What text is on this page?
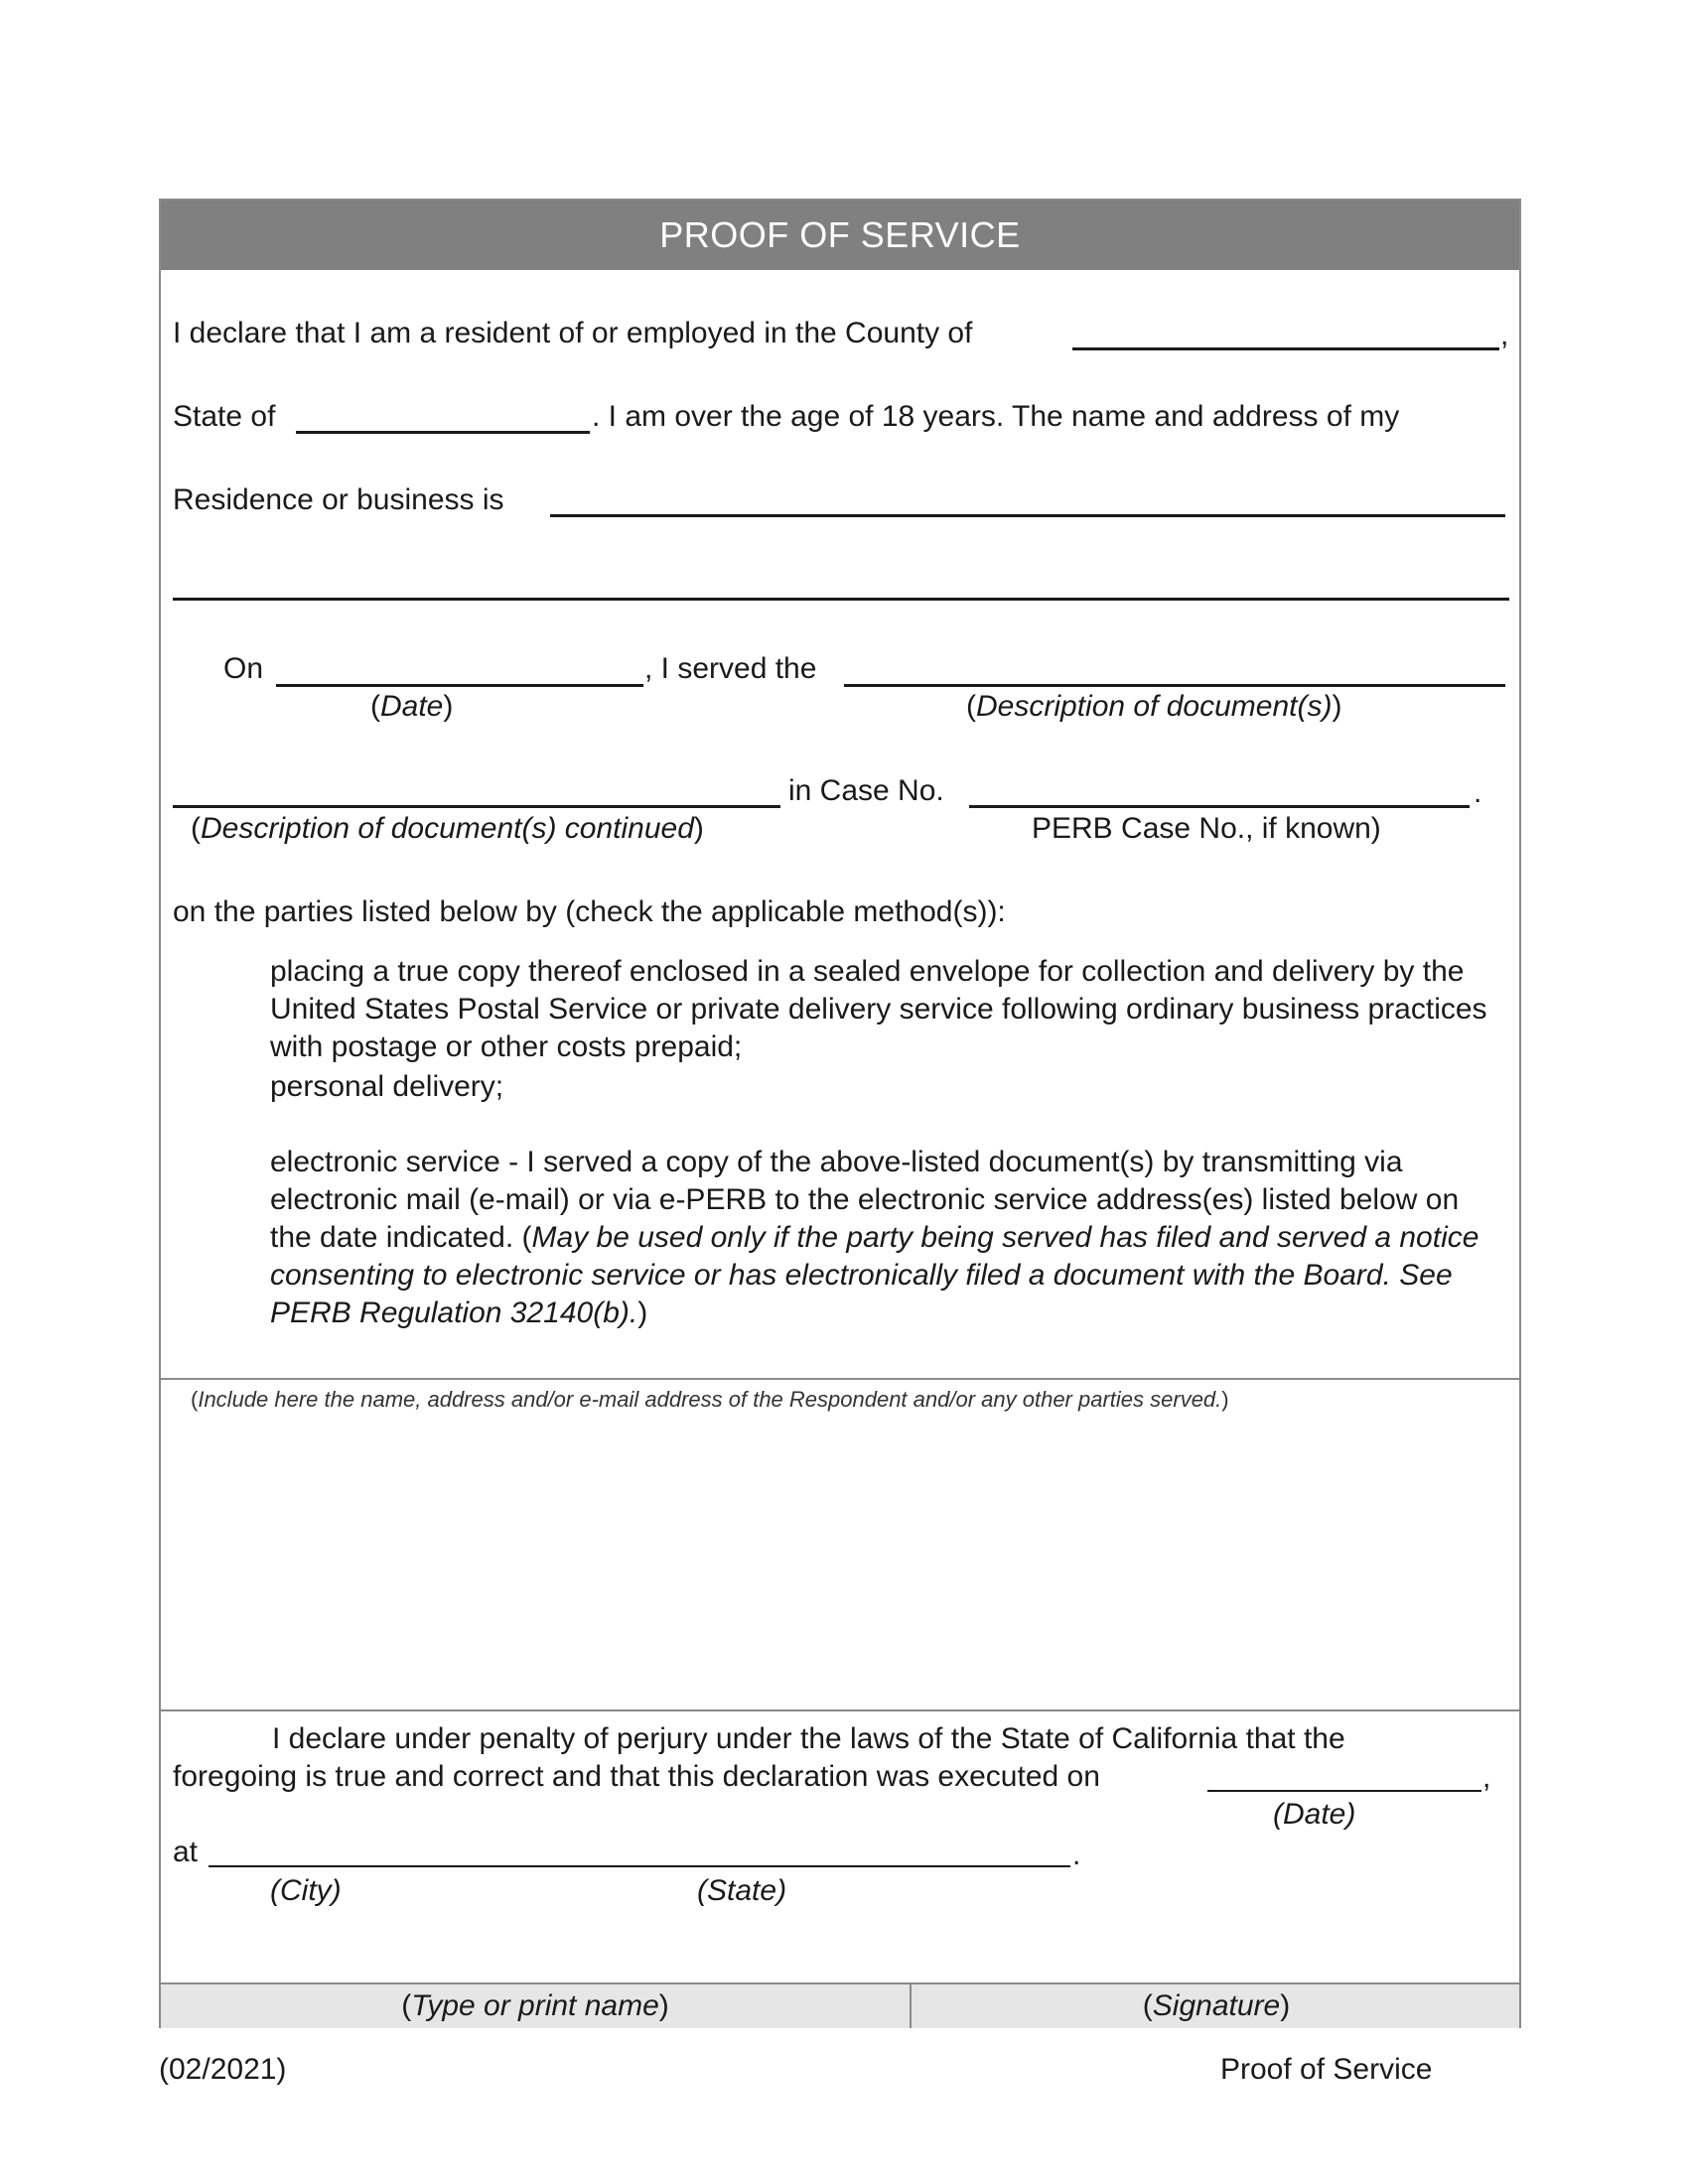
PROOF OF SERVICE
I declare that I am a resident of or employed in the County of	,
State of	. I am over the age of 18 years. The name and address of my
Residence or business is
On	, I served the
(Date)	(Description of document(s))
in Case No.	.
(Description of document(s) continued)	PERB Case No., if known)
on the parties listed below by (check the applicable method(s)):
placing a true copy thereof enclosed in a sealed envelope for collection and delivery by the United States Postal Service or private delivery service following ordinary business practices with postage or other costs prepaid;
personal delivery;
electronic service - I served a copy of the above-listed document(s) by transmitting via electronic mail (e-mail) or via e-PERB to the electronic service address(es) listed below on the date indicated. (May be used only if the party being served has filed and served a notice consenting to electronic service or has electronically filed a document with the Board. See PERB Regulation 32140(b).)
(Include here the name, address and/or e-mail address of the Respondent and/or any other parties served.)
I declare under penalty of perjury under the laws of the State of California that the
foregoing is true and correct and that this declaration was executed on	,
(Date)
at	.
(City)	(State)
(Type or print name)	(Signature)
(02/2021)	Proof of Service
